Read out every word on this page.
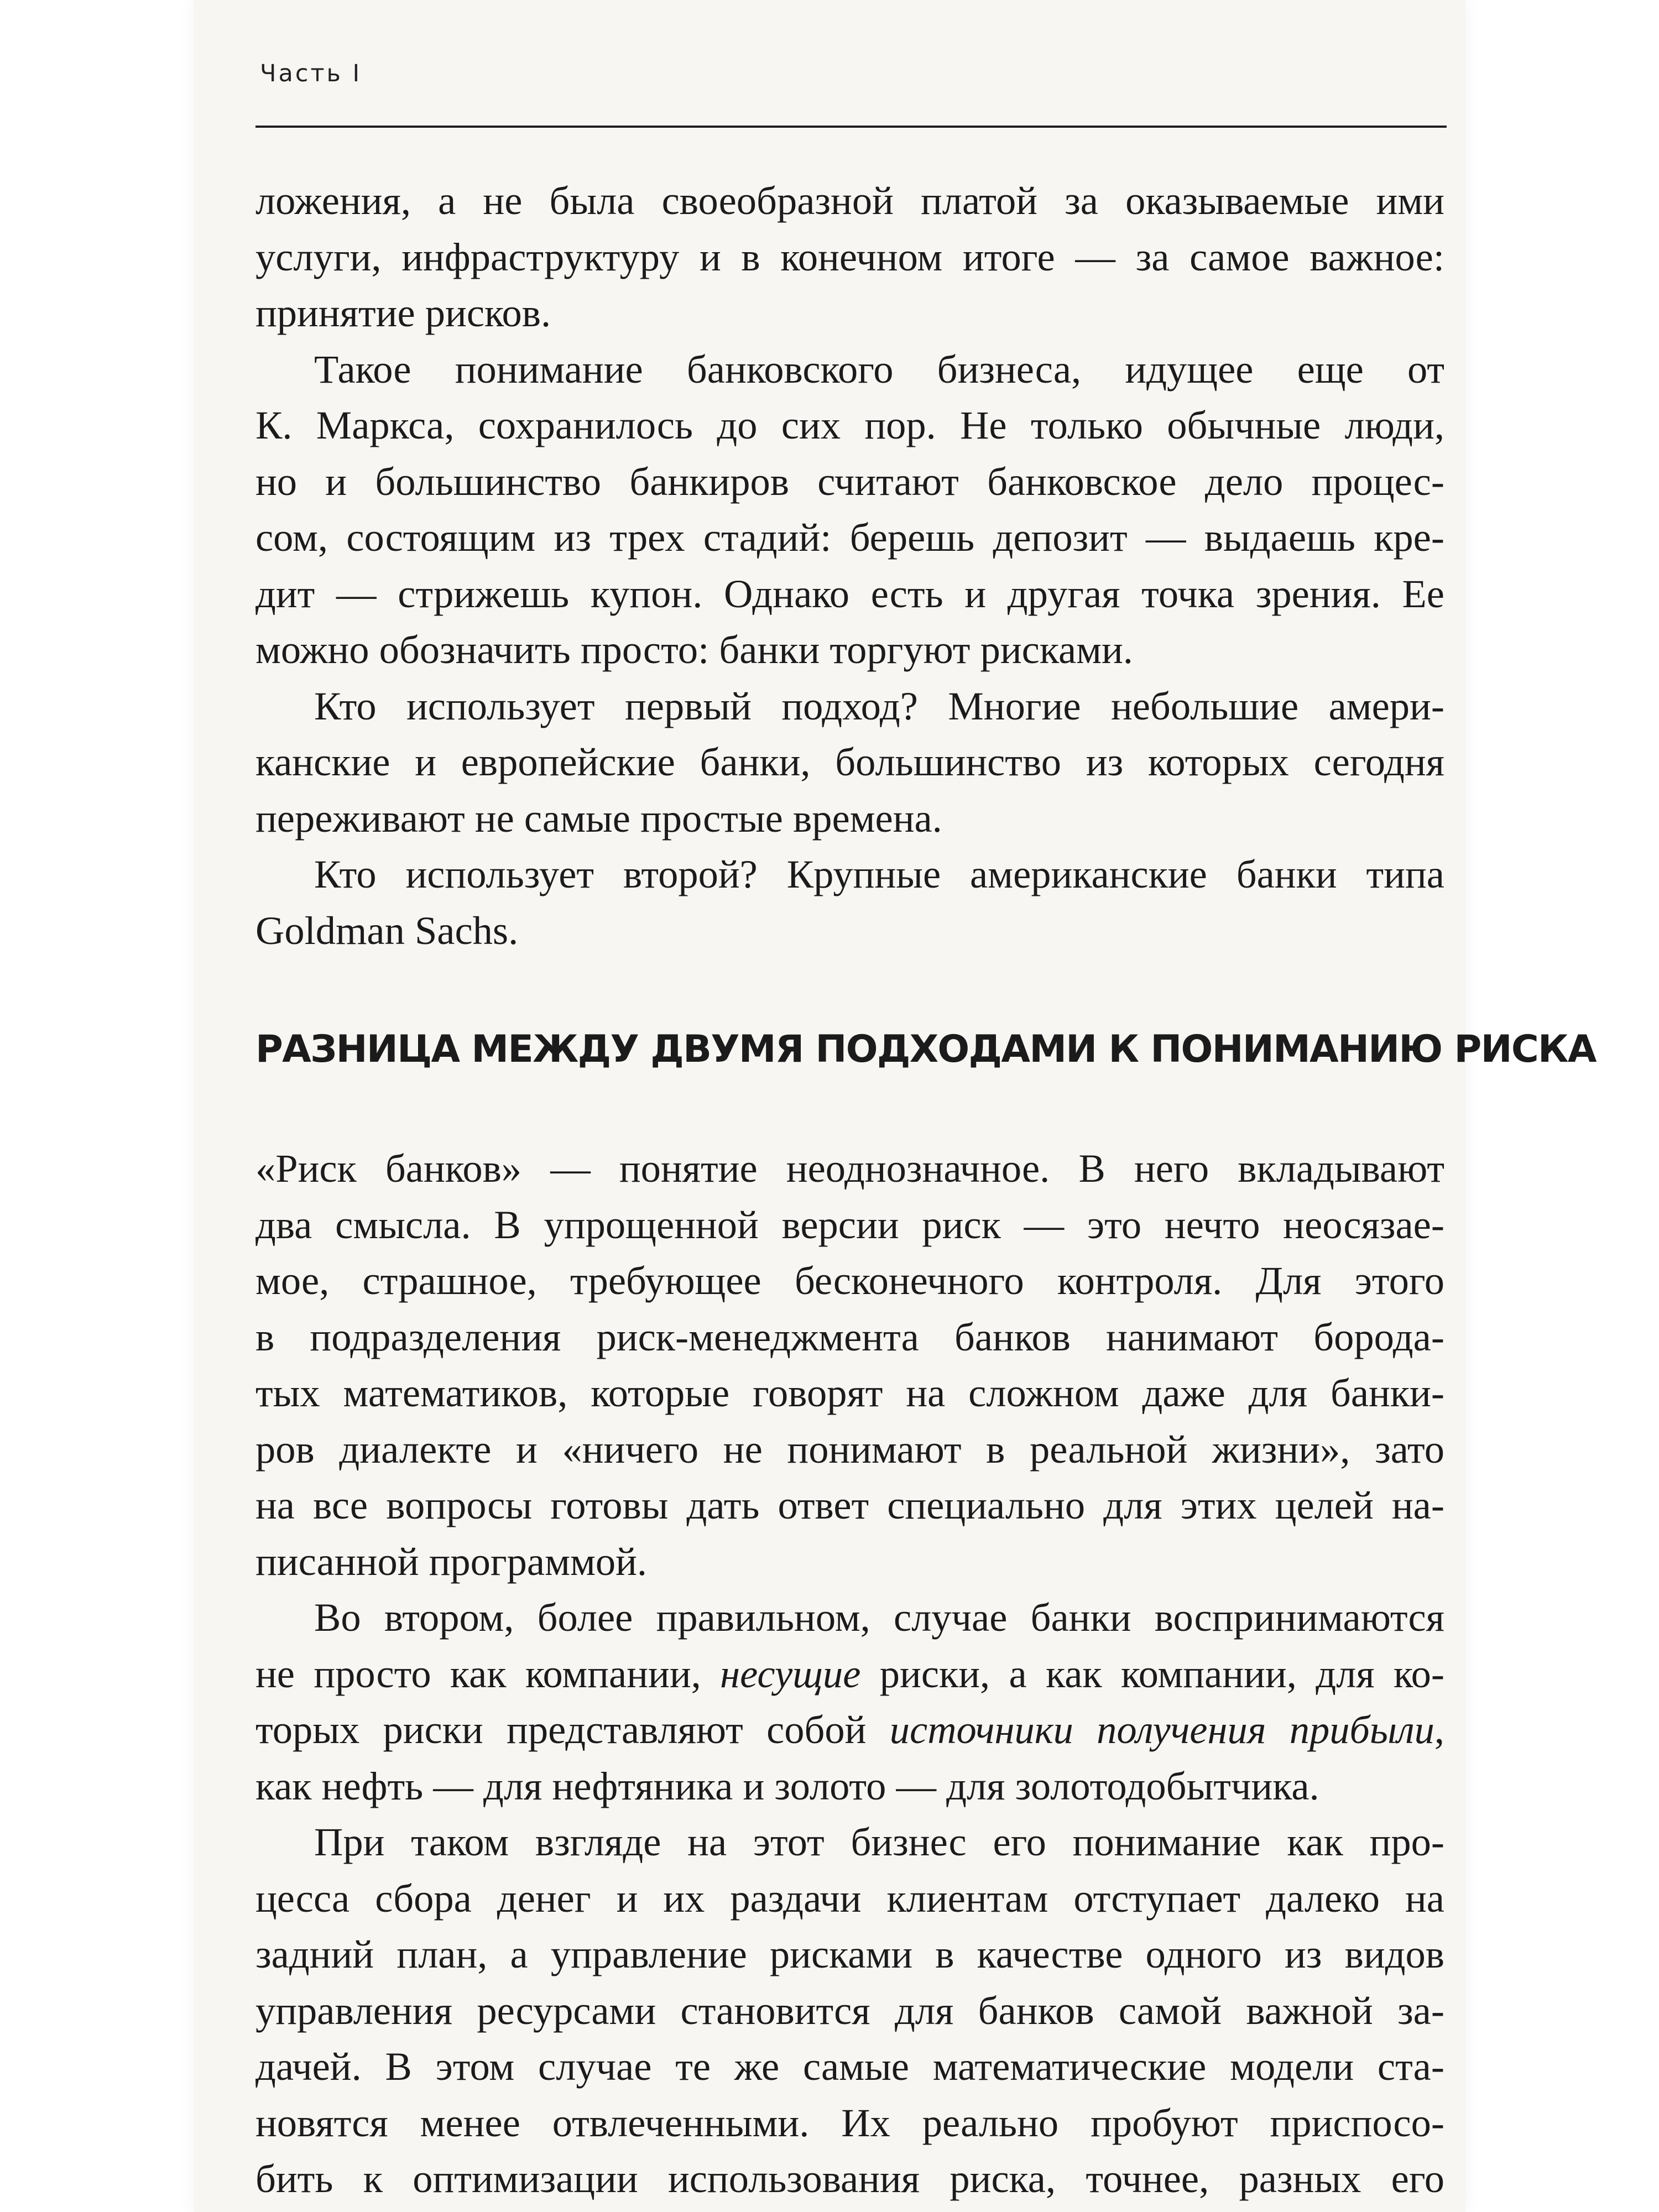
Часть I

ложения, а не была своеобразной платой за оказываемые ими
услуги, инфраструктуру и в конечном итоге — за самое важное:
принятие рисков.
Такое понимание банковского бизнеса, идущее еще от
К. Маркса, сохранилось до сих пор. Не только обычные люди,
но и большинство банкиров считают банковское дело процес-
сом, состоящим из трех стадий: берешь депозит — выдаешь кре-
дит — стрижешь купон. Однако есть и другая точка зрения. Ее
можно обозначить просто: банки торгуют рисками.
Кто использует первый подход? Многие небольшие амери-
канские и европейские банки, большинство из которых сегодня
переживают не самые простые времена.
Кто использует второй? Крупные американские банки типа
Goldman Sachs.

РАЗНИЦА МЕЖДУ ДВУМЯ ПОДХОДАМИ К ПОНИМАНИЮ РИСКА

«Риск банков» — понятие неоднозначное. В него вкладывают
два смысла. В упрощенной версии риск — это нечто неосязае-
мое, страшное, требующее бесконечного контроля. Для этого
в подразделения риск-менеджмента банков нанимают борода-
тых математиков, которые говорят на сложном даже для банки-
ров диалекте и «ничего не понимают в реальной жизни», зато
на все вопросы готовы дать ответ специально для этих целей на-
писанной программой.
Во втором, более правильном, случае банки воспринимаются
не просто как компании, несущие риски, а как компании, для ко-
торых риски представляют собой источники получения прибыли,
как нефть — для нефтяника и золото — для золотодобытчика.
При таком взгляде на этот бизнес его понимание как про-
цесса сбора денег и их раздачи клиентам отступает далеко на
задний план, а управление рисками в качестве одного из видов
управления ресурсами становится для банков самой важной за-
дачей. В этом случае те же самые математические модели ста-
новятся менее отвлеченными. Их реально пробуют приспосо-
бить к оптимизации использования риска, точнее, разных его
